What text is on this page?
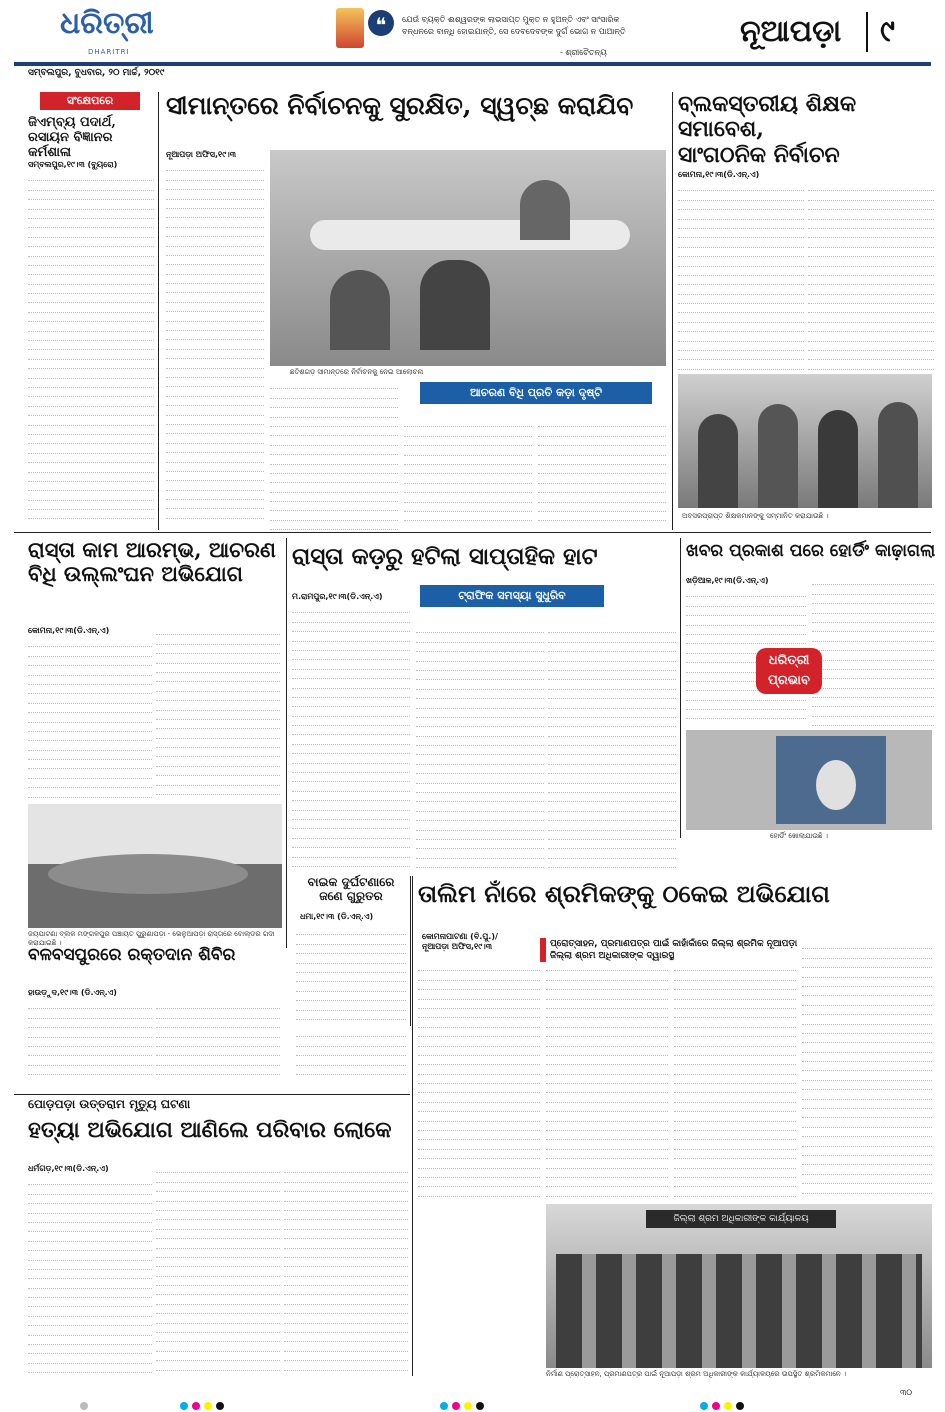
ଧରିତ୍ରୀ
DHARITRI
❝	ଯେଉଁ ବ୍ୟକ୍ତି ଈଶ୍ୱରଙ୍କ ଲାଭସାପ୍ତ ମୁକ୍ତ ନ ହୁଅନ୍ତି ଏବଂ ସାଂସାରିକ
ବନ୍ଧନରେ ବାନ୍ଧି ହୋଇଯାନ୍ତି, ସେ ଦେବଦେବଙ୍କ ଦୁର୍ଗ ଭୋଗ ନ ପାଆନ୍ତି
- ଶ୍ରୀଚୈତନ୍ୟ
ନୂଆପଡ଼ା ୯
ସମ୍ବଲପୁର, ବୁଧବାର, ୨୦ ମାର୍ଚ୍ଚ, ୨୦୧୯
ସଂକ୍ଷେପରେ
ଜିଏମ୍ବ୍ୟ ପଦାର୍ଥ, ରସାୟନ ବିଜ୍ଞାନର କର୍ମଶାଳା
ସମ୍ବଲପୁର,୧୯।୩ (ବ୍ୟୁରୋ)
ସୀମାନ୍ତରେ ନିର୍ବାଚନକୁ ସୁରକ୍ଷିତ, ସ୍ୱଚ୍ଛ କରାଯିବ
ନୂଆପଡ଼ା ଅଫିସ,୧୯।୩
ଛତିଶଗଡ଼ ସୀମାନ୍ତରେ ନିର୍ବାଚନକୁ ନେଇ ଆଲୋଚନା
ଆଚରଣ ବିଧି ପ୍ରତି କଡ଼ା ଦୃଷ୍ଟି
ବ୍ଲକସ୍ତରୀୟ ଶିକ୍ଷକ ସମାବେଶ,
ସାଂଗଠନିକ ନିର୍ବାଚନ
କୋମନା,୧୯।୩(ଡି.ଏନ୍.ଏ)
ଅବସରପ୍ରାପ୍ତ ଶିକ୍ଷକମାନଙ୍କୁ ସମ୍ମାନିତ କରାଯାଉଛି ।
ରାସ୍ତା କାମ ଆରମ୍ଭ, ଆଚରଣ ବିଧି ଉଲ୍ଲଂଘନ ଅଭିଯୋଗ
କୋମନା,୧୯।୩(ଡି.ଏନ୍.ଏ)
ଜୟପାଟଣା ବ୍ଲକ ମଙ୍ଗଳପୁର ପଞ୍ଚାୟତ ପୁରୁଣାପଡ଼ା - ଭେଳୁଆପଡ଼ା ରାସ୍ତାରେ ବୋଲ୍ଡର ଗଦା କରାଯାଇଛି ।
ରାସ୍ତା କଡ଼ରୁ ହଟିଲା ସାପ୍ତାହିକ ହାଟ
ମ.ରାମପୁର,୧୯।୩(ଡି.ଏନ୍.ଏ)	ଟ୍ରାଫିକ ସମସ୍ୟା ସୁଧୁରିବ
ଖବର ପ୍ରକାଶ ପରେ ହୋର୍ଡିଂ କାଢ଼ାଗଲା
ଖଡ଼ିଆଳ,୧୯।୩(ଡି.ଏନ୍.ଏ)
ଧରିତ୍ରୀ
ପ୍ରଭାବ
ହୋର୍ଡିଂ ଖୋଲାଯାଉଛି ।
ବାଇକ ଦୁର୍ଘଟଣାରେ
ଜଣେ ଗୁରୁତର
ଧମା,୧୯।୩ (ଡି.ଏନ୍.ଏ)
ବଳବସପୁରରେ ରକ୍ତଦାନ ଶିବିର
ହାଉଡ଼ୁଦ,୧୯।୩ (ଡି.ଏନ୍.ଏ)
ତାଲିମ ନାଁରେ ଶ୍ରମିକଙ୍କୁ ଠକେଇ ଅଭିଯୋଗ
କୋମନାପାଟଣା (ବି.ପୁ.)/
ନୂଆପଡ଼ା ଅଫିସ,୧୯।୩	ପ୍ରୋତ୍ସାହନ, ପ୍ରମାଣପତ୍ର ପାଇଁ କାହାଁକାଁରେ ଜିଲ୍ଲା ଶ୍ରମିକ ନୂଆପଡ଼ା
ଜିଲ୍ଲା ଶ୍ରମ ଅଧିକାରୀଙ୍କ ଦ୍ୱାରସ୍ଥ
ଜିଲ୍ଲା ଶ୍ରମ ଅଧିକାରୀଙ୍କ କାର୍ଯ୍ୟାଳୟ
ନିର୍ମାଣ ପ୍ରୋତ୍ସାହନ, ପ୍ରମାଣପତ୍ର ପାଇଁ ନୂଆପଡ଼ା ଶ୍ରମ ଅଧିକାରୀଙ୍କ କାର୍ଯ୍ୟାଳୟରେ ଉପସ୍ଥିତ ଶ୍ରମିକମାନେ ।
ପୋଡ଼ପଡ଼ା ଉତ୍ତରାମ ମୃତ୍ୟୁ ଘଟଣା
ହତ୍ୟା ଅଭିଯୋଗ ଆଣିଲେ ପରିବାର ଲୋକେ
ଧର୍ମଗଡ଼,୧୯।୩(ଡି.ଏନ୍.ଏ)
୩୦
